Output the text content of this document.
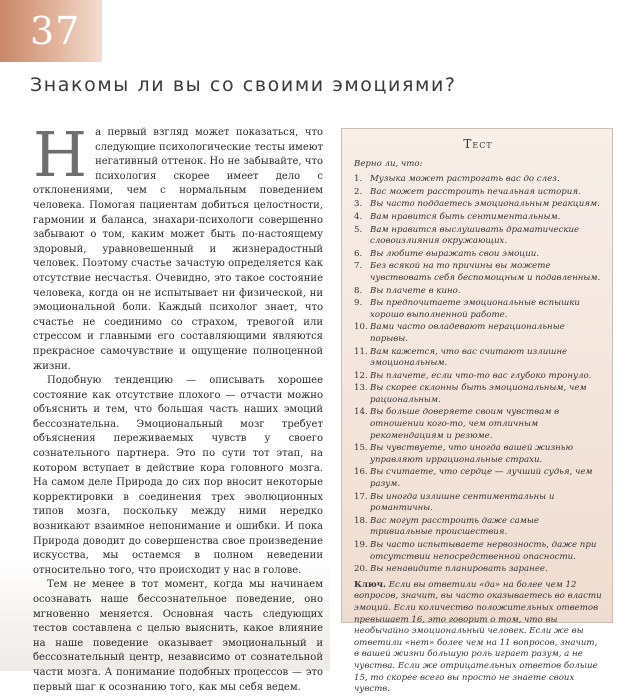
37
Знакомы ли вы со своими эмоциями?

На первый взгляд может показаться, что следующие психологические тесты имеют негативный оттенок. Но не забывайте, что психология скорее имеет дело с отклонениями, чем с нормальным поведением человека. Помогая пациентам добиться целостности, гармонии и баланса, знахари-психологи совершенно забывают о том, каким может быть по-настоящему здоровый, уравновешенный и жизнерадостный человек. Поэтому счастье зачастую определяется как отсутствие несчастья. Очевидно, это такое состояние человека, когда он не испытывает ни физической, ни эмоциональной боли. Каждый психолог знает, что счастье не соединимо со страхом, тревогой или стрессом и главными его составляющими являются прекрасное самочувствие и ощущение полноценной жизни.

Подобную тенденцию — описывать хорошее состояние как отсутствие плохого — отчасти можно объяснить и тем, что большая часть наших эмоций бессознательна. Эмоциональный мозг требует объяснения переживаемых чувств у своего сознательного партнера. Это по сути тот этап, на котором вступает в действие кора головного мозга. На самом деле Природа до сих пор вносит некоторые корректировки в соединения трех эволюционных типов мозга, поскольку между ними нередко возникают взаимное непонимание и ошибки. И пока Природа доводит до совершенства свое произведение искусства, мы остаемся в полном неведении относительно того, что происходит у нас в голове.

Тем не менее в тот момент, когда мы начинаем осознавать наше бессознательное поведение, оно мгновенно меняется. Основная часть следующих тестов составлена с целью выяснить, какое влияние на наше поведение оказывает эмоциональный и бессознательный центр, независимо от сознательной части мозга. А понимание подобных процессов — это первый шаг к осознанию того, как мы себя ведем.

Тест
Верно ли, что:
1. Музыка может растрогать вас до слез.
2. Вас может расстроить печальная история.
3. Вы часто поддаетесь эмоциональным реакциям.
4. Вам нравится быть сентиментальным.
5. Вам нравится выслушивать драматические словоизлияния окружающих.
6. Вы любите выражать свои эмоции.
7. Без всякой на то причины вы можете чувствовать себя беспомощным и подавленным.
8. Вы плачете в кино.
9. Вы предпочитаете эмоциональные вспышки хорошо выполненной работе.
10. Вами часто овладевают нерациональные порывы.
11. Вам кажется, что вас считают излишне эмоциональным.
12. Вы плачете, если что-то вас глубоко тронуло.
13. Вы скорее склонны быть эмоциональным, чем рациональным.
14. Вы больше доверяете своим чувствам в отношении кого-то, чем отличным рекомендациям и резюме.
15. Вы чувствуете, что иногда вашей жизнью управляют иррациональные страхи.
16. Вы считаете, что сердце — лучший судья, чем разум.
17. Вы иногда излишне сентиментальны и романтичны.
18. Вас могут расстроить даже самые тривиальные происшествия.
19. Вы часто испытываете нервозность, даже при отсутствии непосредственной опасности.
20. Вы ненавидите планировать заранее.
Ключ. Если вы ответили «да» на более чем 12 вопросов, значит, вы часто оказываетесь во власти эмоций. Если количество положительных ответов превышает 16, это говорит о том, что вы необычайно эмоциональный человек. Если же вы ответили «нет» более чем на 11 вопросов, значит, в вашей жизни большую роль играет разум, а не чувства. Если же отрицательных ответов больше 15, то скорее всего вы просто не знаете своих чувств.
